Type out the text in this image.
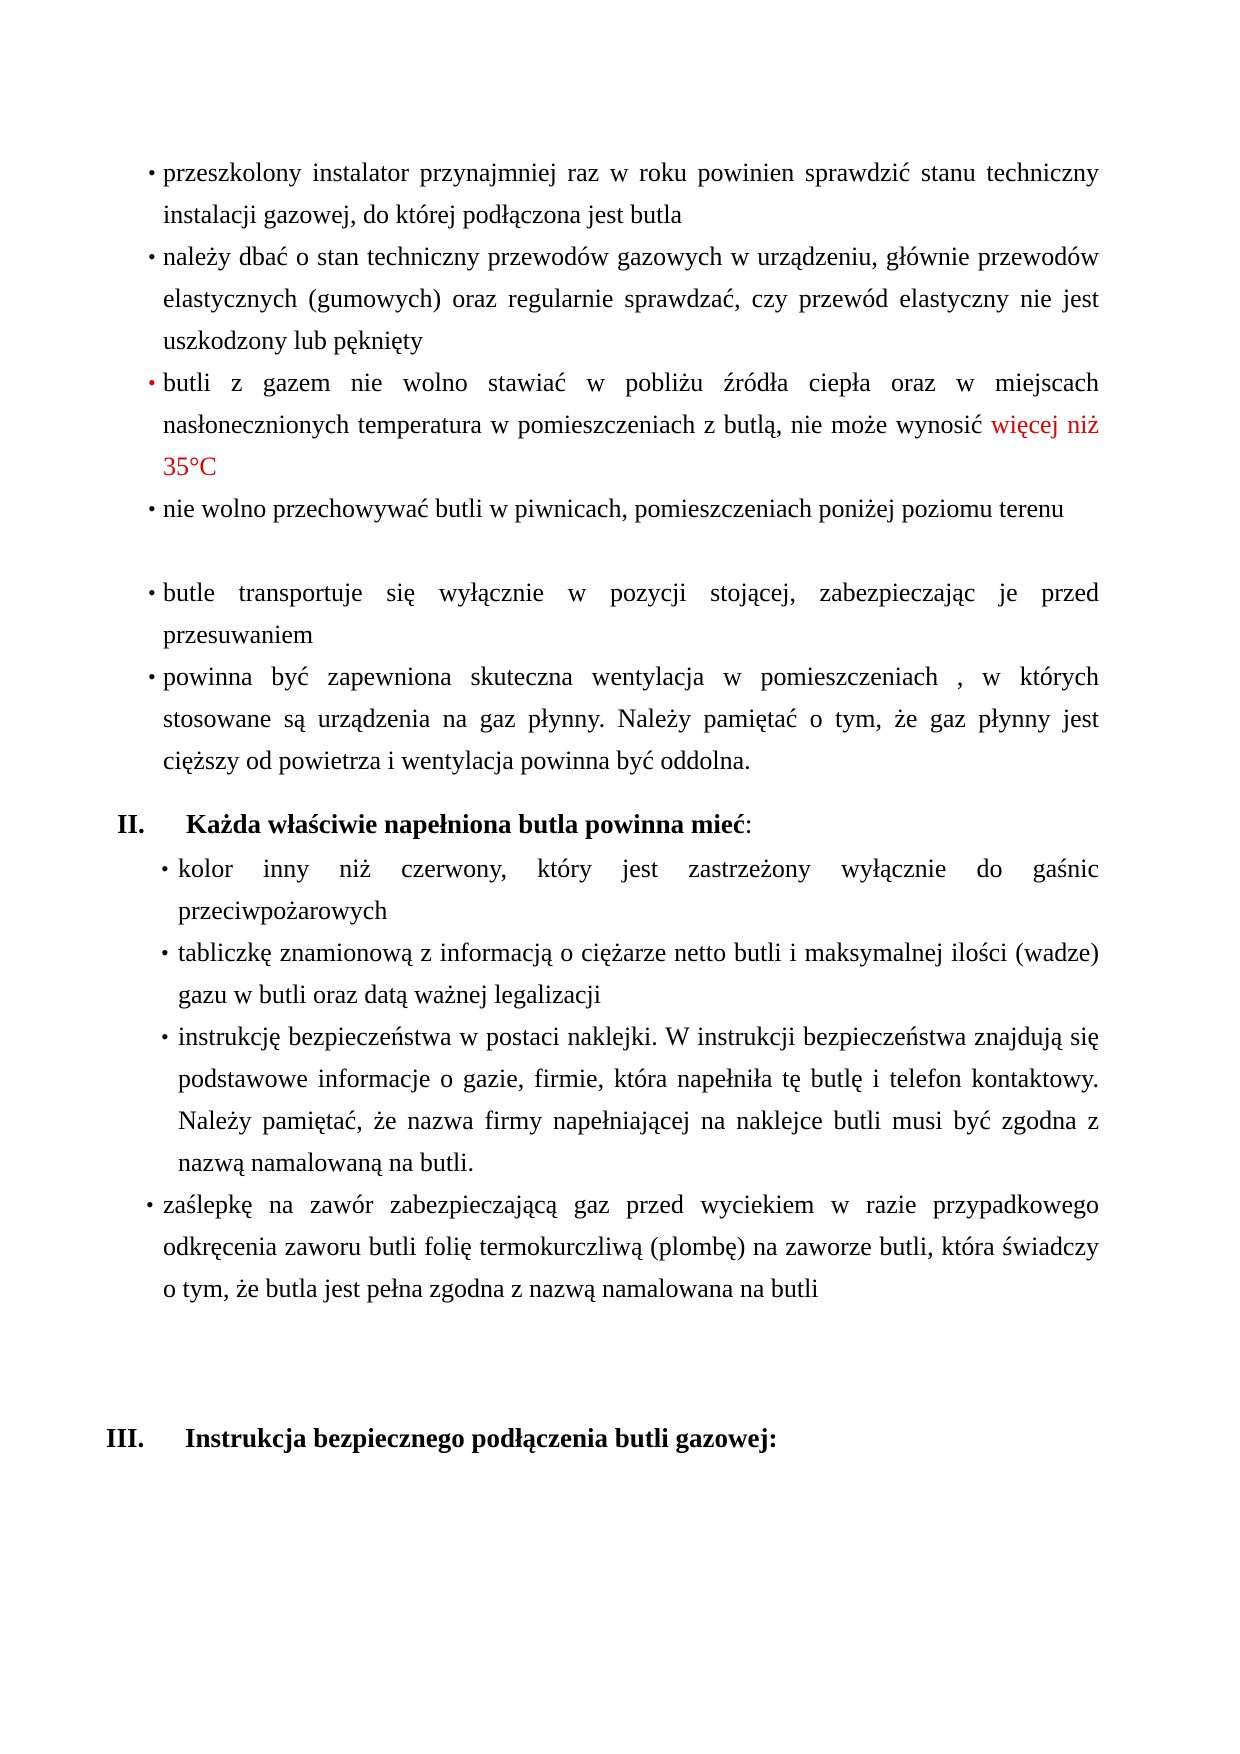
• przeszkolony instalator przynajmniej raz w roku powinien sprawdzić stanu techniczny instalacji gazowej, do której podłączona jest butla
• należy dbać o stan techniczny przewodów gazowych w urządzeniu, głównie przewodów elastycznych (gumowych) oraz regularnie sprawdzać, czy przewód elastyczny nie jest uszkodzony lub pęknięty
• butli z gazem nie wolno stawiać w pobliżu źródła ciepła oraz w miejscach nasłonecznionych temperatura w pomieszczeniach z butlą, nie może wynosić więcej niż 35°C
• nie wolno przechowywać butli w piwnicach, pomieszczeniach poniżej poziomu terenu
• butle transportuje się wyłącznie w pozycji stojącej, zabezpieczając je przed przesuwaniem
• powinna być zapewniona skuteczna wentylacja w pomieszczeniach , w których stosowane są urządzenia na gaz płynny. Należy pamiętać o tym, że gaz płynny jest cięższy od powietrza i wentylacja powinna być oddolna.
II. Każda właściwie napełniona butla powinna mieć:
• kolor inny niż czerwony, który jest zastrzeżony wyłącznie do gaśnic przeciwpożarowych
• tabliczkę znamionową z informacją o ciężarze netto butli i maksymalnej ilości (wadze) gazu w butli oraz datą ważnej legalizacji
• instrukcję bezpieczeństwa w postaci naklejki. W instrukcji bezpieczeństwa znajdują się podstawowe informacje o gazie, firmie, która napełniła tę butlę i telefon kontaktowy. Należy pamiętać, że nazwa firmy napełniającej na naklejce butli musi być zgodna z nazwą namalowaną na butli.
• zaślepkę na zawór zabezpieczającą gaz przed wyciekiem w razie przypadkowego odkręcenia zaworu butli folię termokurczliwą (plombę) na zaworze butli, która świadczy o tym, że butla jest pełna zgodna z nazwą namalowana na butli
III. Instrukcja bezpiecznego podłączenia butli gazowej:
